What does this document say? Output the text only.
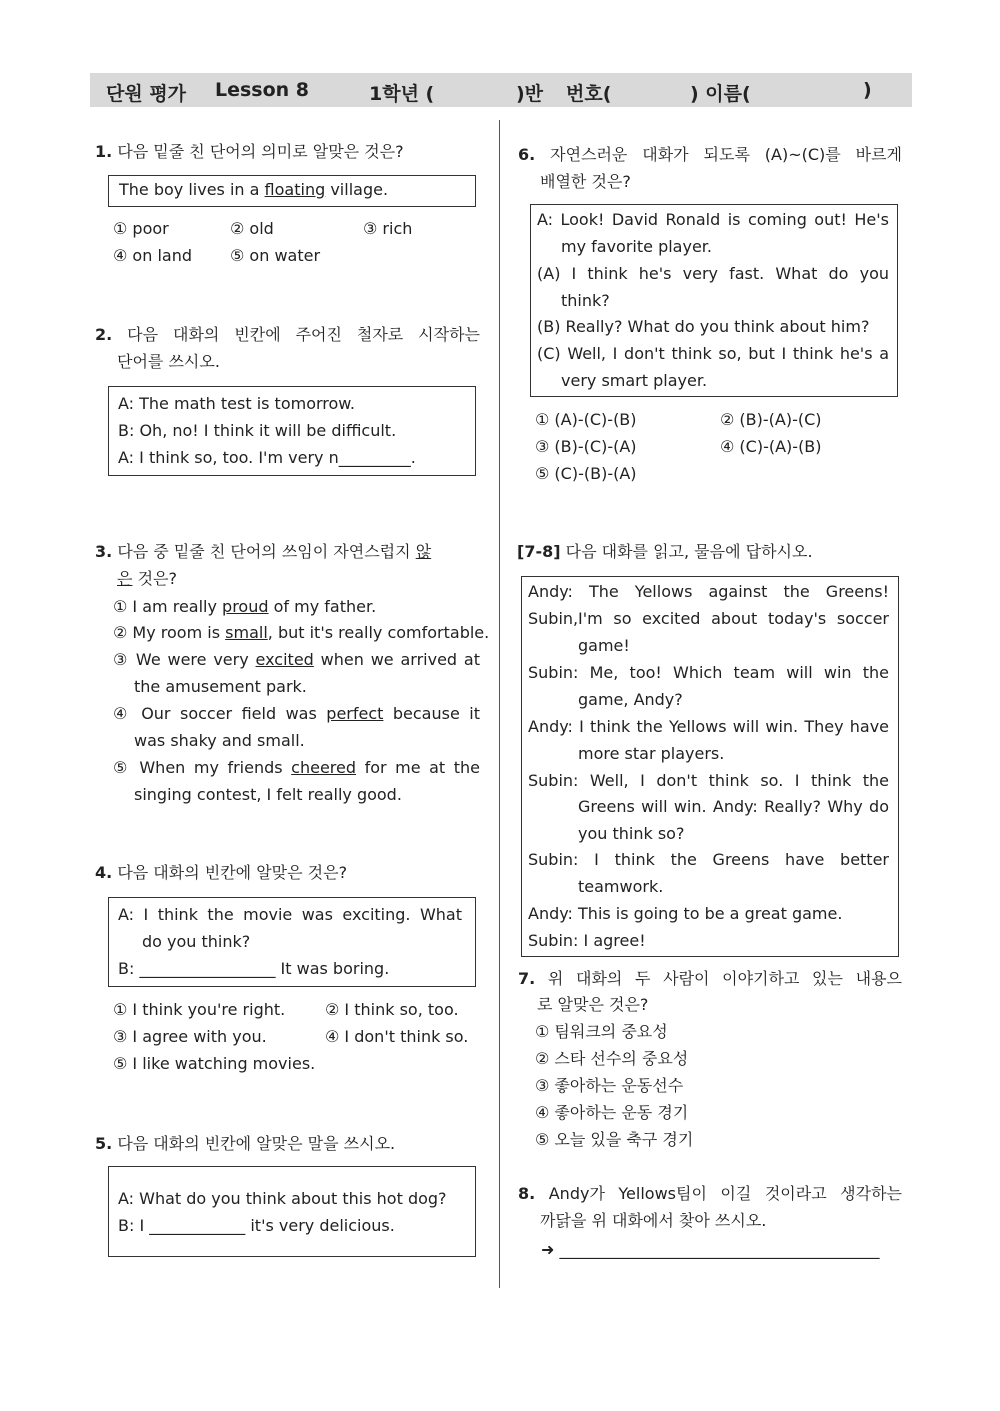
단원 평가 Lesson 8	1학년 (	)반 번호(	) 이름(	)
1. 다음 밑줄 친 단어의 의미로 알맞은 것은?
The boy lives in a floating village.
① poor	② old	③ rich
④ on land ⑤ on water
2. 다음 대화의 빈칸에 주어진 철자로 시작하는
단어를 쓰시오.
A: The math test is tomorrow.
B: Oh, no! I think it will be difficult.
A: I think so, too. I'm very n_________.
3. 다음 중 밑줄 친 단어의 쓰임이 자연스럽지 않
은 것은?
① I am really proud of my father.
② My room is small, but it's really comfortable.
③ We were very excited when we arrived at
the amusement park.
④ Our soccer field was perfect because it
was shaky and small.
⑤ When my friends cheered for me at the
singing contest, I felt really good.
4. 다음 대화의 빈칸에 알맞은 것은?
A: I think the movie was exciting. What
do you think?
B: _________________ It was boring.
① I think you're right. ② I think so, too.
③ I agree with you.	④ I don't think so.
⑤ I like watching movies.
5. 다음 대화의 빈칸에 알맞은 말을 쓰시오.
A: What do you think about this hot dog?
B: I ____________ it's very delicious.
6. 자연스러운 대화가 되도록 (A)~(C)를 바르게
배열한 것은?
A: Look! David Ronald is coming out! He's
my favorite player.
(A) I think he's very fast. What do you
think?
(B) Really? What do you think about him?
(C) Well, I don't think so, but I think he's a
very smart player.
① (A)-(C)-(B)	② (B)-(A)-(C)
③ (B)-(C)-(A)	④ (C)-(A)-(B)
⑤ (C)-(B)-(A)
[7-8] 다음 대화를 읽고, 물음에 답하시오.
Andy: The Yellows against the Greens! Subin, I'm so excited about today's soccer
game!
Subin: Me, too! Which team will win the
game, Andy?
Andy: I think the Yellows will win. They have
more star players.
Subin: Well, I don't think so. I think the
Greens will win. Andy: Really? Why do
you think so?
Subin: I think the Greens have better
teamwork.
Andy: This is going to be a great game.
Subin: I agree!
7. 위 대화의 두 사람이 이야기하고 있는 내용으
로 알맞은 것은?
① 팀워크의 중요성
② 스타 선수의 중요성
③ 좋아하는 운동선수
④ 좋아하는 운동 경기
⑤ 오늘 있을 축구 경기
8. Andy가 Yellows팀이 이길 것이라고 생각하는
까닭을 위 대화에서 찾아 쓰시오.
➜ ________________________________________
